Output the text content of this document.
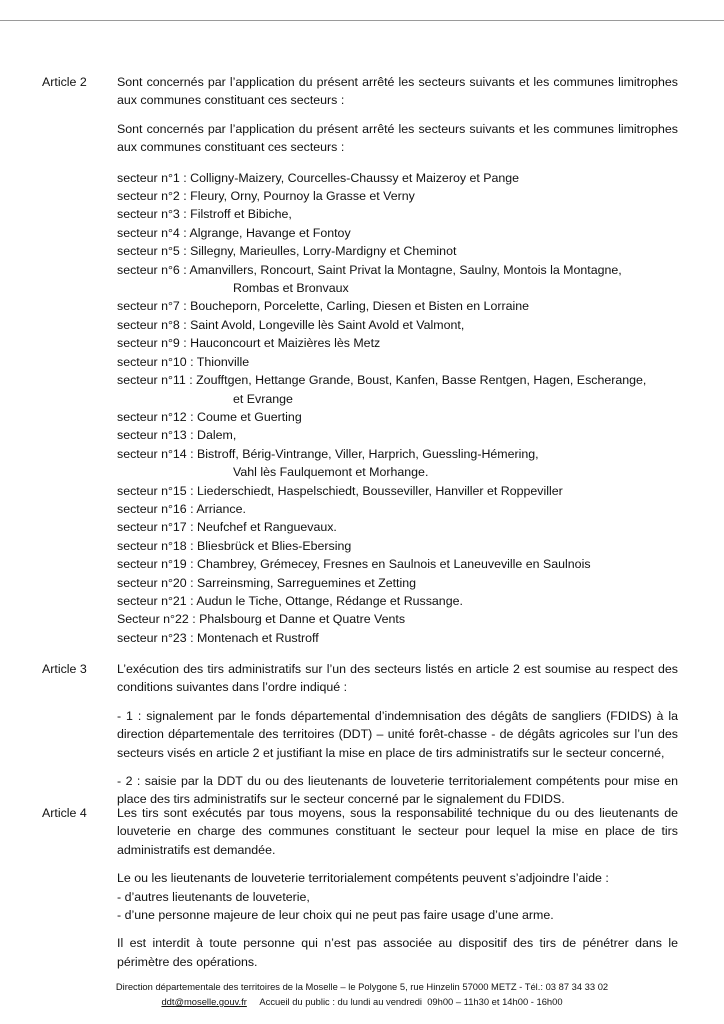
Article 2	Sont concernés par l’application du présent arrêté les secteurs suivants et les communes limitrophes aux communes constituant ces secteurs :

Sont concernés par l’application du présent arrêté les secteurs suivants et les communes limitrophes aux communes constituant ces secteurs :

secteur n°1 : Colligny-Maizery, Courcelles-Chaussy et Maizeroy et Pange
secteur n°2 : Fleury, Orny, Pournoy la Grasse et Verny
secteur n°3 : Filstroff et Bibiche,
secteur n°4 : Algrange, Havange et Fontoy
secteur n°5 : Sillegny, Marieulles, Lorry-Mardigny et Cheminot
secteur n°6 : Amanvillers, Roncourt, Saint Privat la Montagne, Saulny, Montois la Montagne,
Rombas et Bronvaux
secteur n°7 : Boucheporn, Porcelette, Carling, Diesen et Bisten en Lorraine
secteur n°8 : Saint Avold, Longeville lès Saint Avold et Valmont,
secteur n°9 : Hauconcourt et Maizières lès Metz
secteur n°10 : Thionville
secteur n°11 : Zoufftgen, Hettange Grande, Boust, Kanfen, Basse Rentgen, Hagen, Escherange,
et Evrange
secteur n°12 : Coume et Guerting
secteur n°13 : Dalem,
secteur n°14 : Bistroff, Bérig-Vintrange, Viller, Harprich, Guessling-Hémering,
Vahl lès Faulquemont et Morhange.
secteur n°15 : Liederschiedt, Haspelschiedt, Bousseviller, Hanviller et Roppeviller
secteur n°16 : Arriance.
secteur n°17 : Neufchef et Ranguevaux.
secteur n°18 : Bliesbrück et Blies-Ebersing
secteur n°19 : Chambrey, Grémecey, Fresnes en Saulnois et Laneuveville en Saulnois
secteur n°20 : Sarreinsming, Sarreguemines et Zetting
secteur n°21 : Audun le Tiche, Ottange, Rédange et Russange.
Secteur n°22 : Phalsbourg et Danne et Quatre Vents
secteur n°23 : Montenach et Rustroff
Article 3	L’exécution des tirs administratifs sur l’un des secteurs listés en article 2 est soumise au respect des conditions suivantes dans l’ordre indiqué :

- 1 : signalement par le fonds départemental d’indemnisation des dégâts de sangliers (FDIDS) à la direction départementale des territoires (DDT) – unité forêt-chasse - de dégâts agricoles sur l’un des secteurs visés en article 2 et justifiant la mise en place de tirs administratifs sur le secteur concerné,

- 2 : saisie par la DDT du ou des lieutenants de louveterie territorialement compétents pour mise en place des tirs administratifs sur le secteur concerné par le signalement du FDIDS.

Article 4	Les tirs sont exécutés par tous moyens, sous la responsabilité technique du ou des lieutenants de louveterie en charge des communes constituant le secteur pour lequel la mise en place de tirs administratifs est demandée.

Le ou les lieutenants de louveterie territorialement compétents peuvent s’adjoindre l’aide :
- d’autres lieutenants de louveterie,
- d’une personne majeure de leur choix qui ne peut pas faire usage d’une arme.

Il est interdit à toute personne qui n’est pas associée au dispositif des tirs de pénétrer dans le périmètre des opérations.

Direction départementale des territoires de la Moselle – le Polygone 5, rue Hinzelin 57000 METZ - Tél.: 03 87 34 33 02
ddt@moselle.gouv.fr     Accueil du public : du lundi au vendredi  09h00 – 11h30 et 14h00 - 16h00
